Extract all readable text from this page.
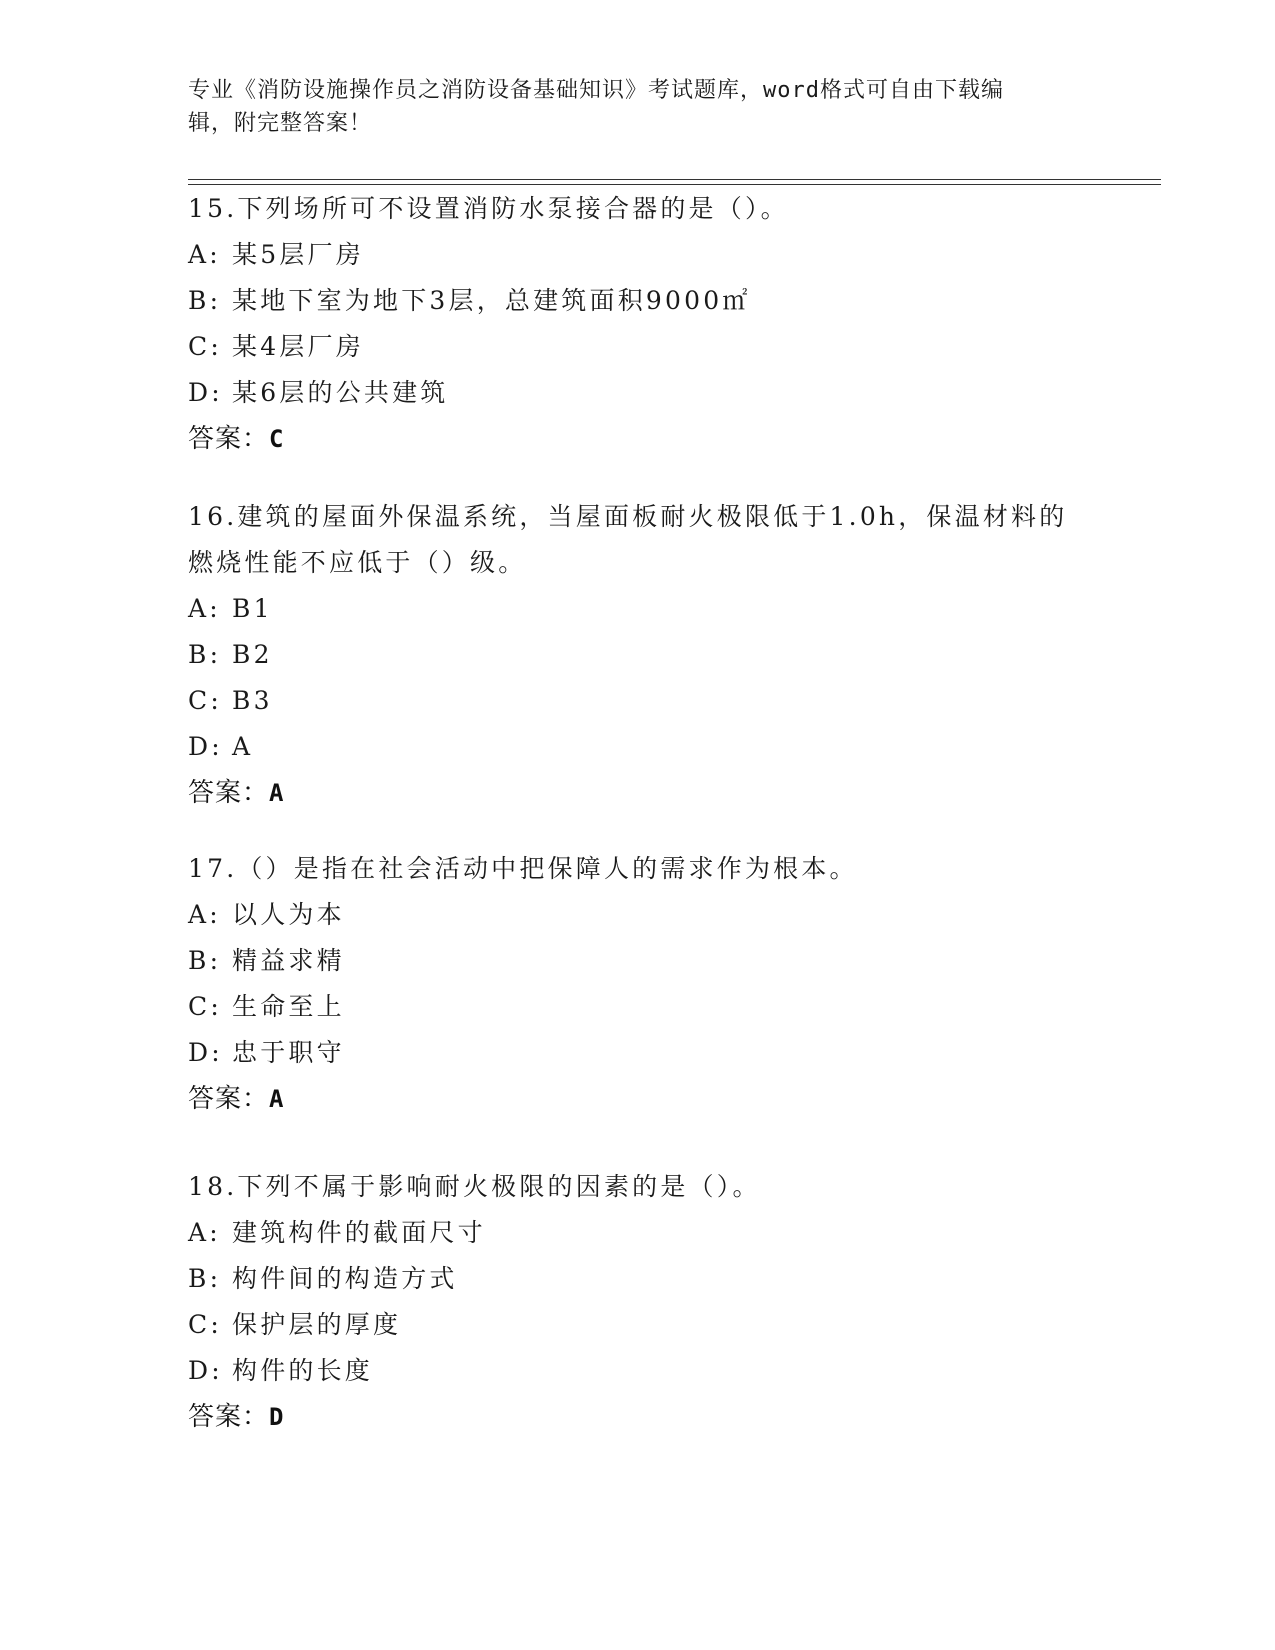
专业《消防设施操作员之消防设备基础知识》考试题库，word格式可自由下载编
辑，附完整答案！
15.下列场所可不设置消防水泵接合器的是（）。
A: 某5层厂房
B: 某地下室为地下3层，总建筑面积9000㎡
C: 某4层厂房
D: 某6层的公共建筑
答案：C
16.建筑的屋面外保温系统，当屋面板耐火极限低于1.0h，保温材料的
燃烧性能不应低于（）级。
A: B1
B: B2
C: B3
D: A
答案：A
17.（）是指在社会活动中把保障人的需求作为根本。
A: 以人为本
B: 精益求精
C: 生命至上
D: 忠于职守
答案：A
18.下列不属于影响耐火极限的因素的是（）。
A: 建筑构件的截面尺寸
B: 构件间的构造方式
C: 保护层的厚度
D: 构件的长度
答案：D
